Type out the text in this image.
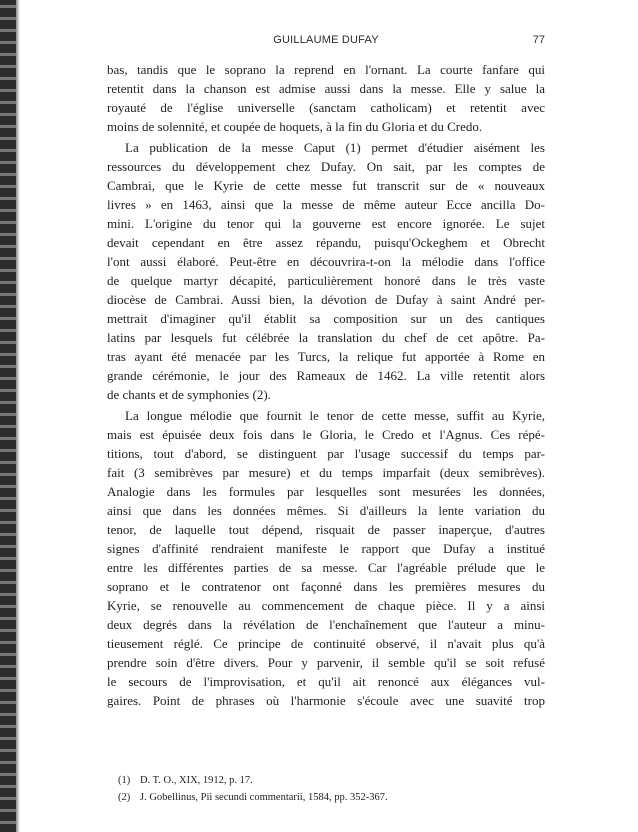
GUILLAUME DUFAY	77

bas, tandis que le soprano la reprend en l'ornant. La courte fanfare qui
retentit dans la chanson est admise aussi dans la messe. Elle y salue la
royauté de l'église universelle (sanctam catholicam) et retentit avec
moins de solennité, et coupée de hoquets, à la fin du Gloria et du Credo.

La publication de la messe Caput (1) permet d'étudier aisément les
ressources du développement chez Dufay. On sait, par les comptes de
Cambrai, que le Kyrie de cette messe fut transcrit sur de « nouveaux
livres » en 1463, ainsi que la messe de même auteur Ecce ancilla Do-
mini. L'origine du tenor qui la gouverne est encore ignorée. Le sujet
devait cependant en être assez répandu, puisqu'Ockeghem et Obrecht
l'ont aussi élaboré. Peut-être en découvrira-t-on la mélodie dans l'office
de quelque martyr décapité, particulièrement honoré dans le très vaste
diocèse de Cambrai. Aussi bien, la dévotion de Dufay à saint André per-
mettrait d'imaginer qu'il établit sa composition sur un des cantiques
latins par lesquels fut célébrée la translation du chef de cet apôtre. Pa-
tras ayant été menacée par les Turcs, la relique fut apportée à Rome en
grande cérémonie, le jour des Rameaux de 1462. La ville retentit alors
de chants et de symphonies (2).

La longue mélodie que fournit le tenor de cette messe, suffit au Kyrie,
mais est épuisée deux fois dans le Gloria, le Credo et l'Agnus. Ces répé-
titions, tout d'abord, se distinguent par l'usage successif du temps par-
fait (3 semibrèves par mesure) et du temps imparfait (deux semibrèves).
Analogie dans les formules par lesquelles sont mesurées les données,
ainsi que dans les données mêmes. Si d'ailleurs la lente variation du
tenor, de laquelle tout dépend, risquait de passer inaperçue, d'autres
signes d'affinité rendraient manifeste le rapport que Dufay a institué
entre les différentes parties de sa messe. Car l'agréable prélude que le
soprano et le contratenor ont façonné dans les premières mesures du
Kyrie, se renouvelle au commencement de chaque pièce. Il y a ainsi
deux degrés dans la révélation de l'enchaînement que l'auteur a minu-
tieusement réglé. Ce principe de continuité observé, il n'avait plus qu'à
prendre soin d'être divers. Pour y parvenir, il semble qu'il se soit refusé
le secours de l'improvisation, et qu'il ait renoncé aux élégances vul-
gaires. Point de phrases où l'harmonie s'écoule avec une suavité trop

(1) D. T. O., XIX, 1912, p. 17.
(2) J. Gobellinus, Pii secundi commentarii, 1584, pp. 352-367.
